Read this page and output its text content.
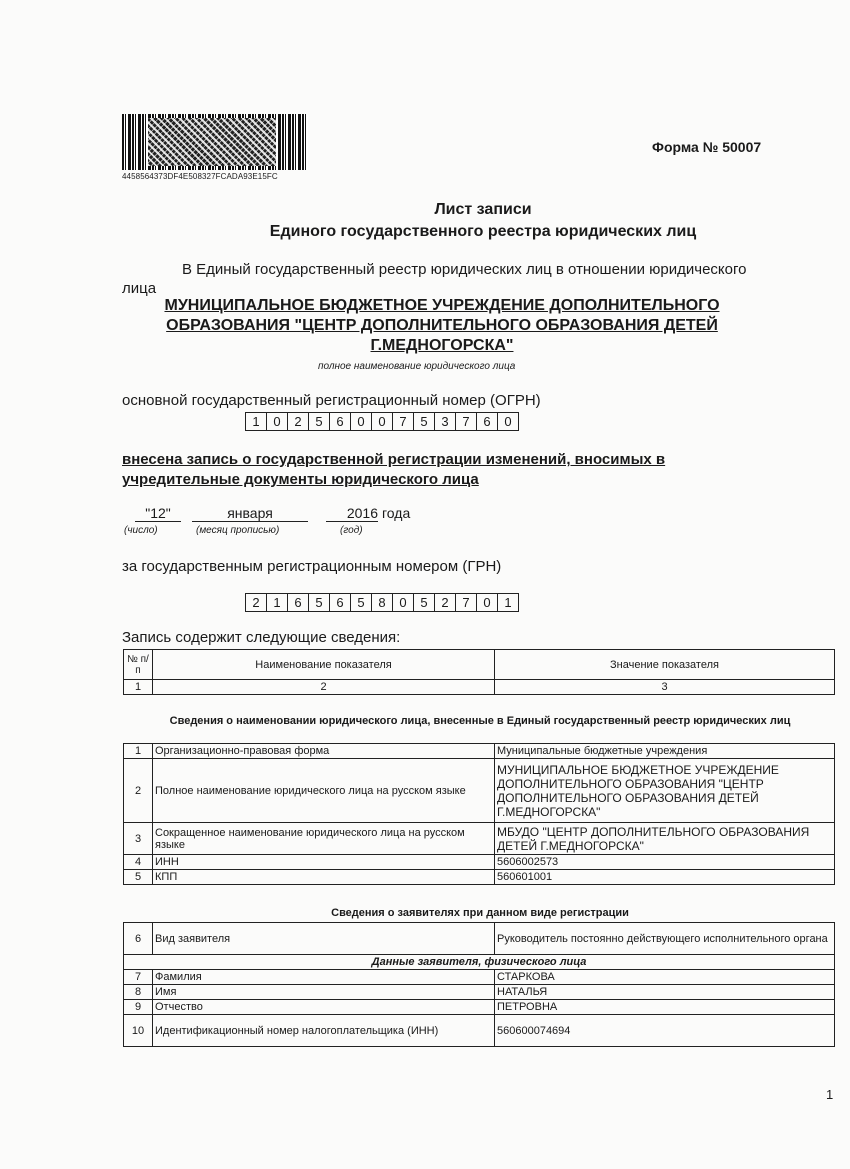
4458564373DF4E508327FCADA93E15FC
Форма № 50007
Лист записи
Единого государственного реестра юридических лиц
В Единый государственный реестр юридических лиц в отношении юридического
лица
МУНИЦИПАЛЬНОЕ БЮДЖЕТНОЕ УЧРЕЖДЕНИЕ ДОПОЛНИТЕЛЬНОГО
ОБРАЗОВАНИЯ "ЦЕНТР ДОПОЛНИТЕЛЬНОГО ОБРАЗОВАНИЯ ДЕТЕЙ
Г.МЕДНОГОРСКА"
полное наименование юридического лица
основной государственный регистрационный номер (ОГРН)
1	0	2	5	6	0	0	7	5	3	7	6	0
внесена запись о государственной регистрации изменений, вносимых в
учредительные документы юридического лица
"12"	января	2016 года
(число)	(месяц прописью)	(год)
за государственным регистрационным номером (ГРН)
2	1	6	5	6	5	8	0	5	2	7	0	1
Запись содержит следующие сведения:
№ п/п	Наименование показателя	Значение показателя
1	2	3
Сведения о наименовании юридического лица, внесенные в Единый государственный реестр юридических лиц
1	Организационно-правовая форма	Муниципальные бюджетные учреждения
2	Полное наименование юридического лица на русском языке	МУНИЦИПАЛЬНОЕ БЮДЖЕТНОЕ УЧРЕЖДЕНИЕ ДОПОЛНИТЕЛЬНОГО ОБРАЗОВАНИЯ "ЦЕНТР ДОПОЛНИТЕЛЬНОГО ОБРАЗОВАНИЯ ДЕТЕЙ Г.МЕДНОГОРСКА"
3	Сокращенное наименование юридического лица на русском языке	МБУДО "ЦЕНТР ДОПОЛНИТЕЛЬНОГО ОБРАЗОВАНИЯ ДЕТЕЙ Г.МЕДНОГОРСКА"
4	ИНН	5606002573
5	КПП	560601001
Сведения о заявителях при данном виде регистрации
6	Вид заявителя	Руководитель постоянно действующего исполнительного органа
Данные заявителя, физического лица		
7	Фамилия	СТАРКОВА
8	Имя	НАТАЛЬЯ
9	Отчество	ПЕТРОВНА
10	Идентификационный номер налогоплательщика (ИНН)	560600074694
1
